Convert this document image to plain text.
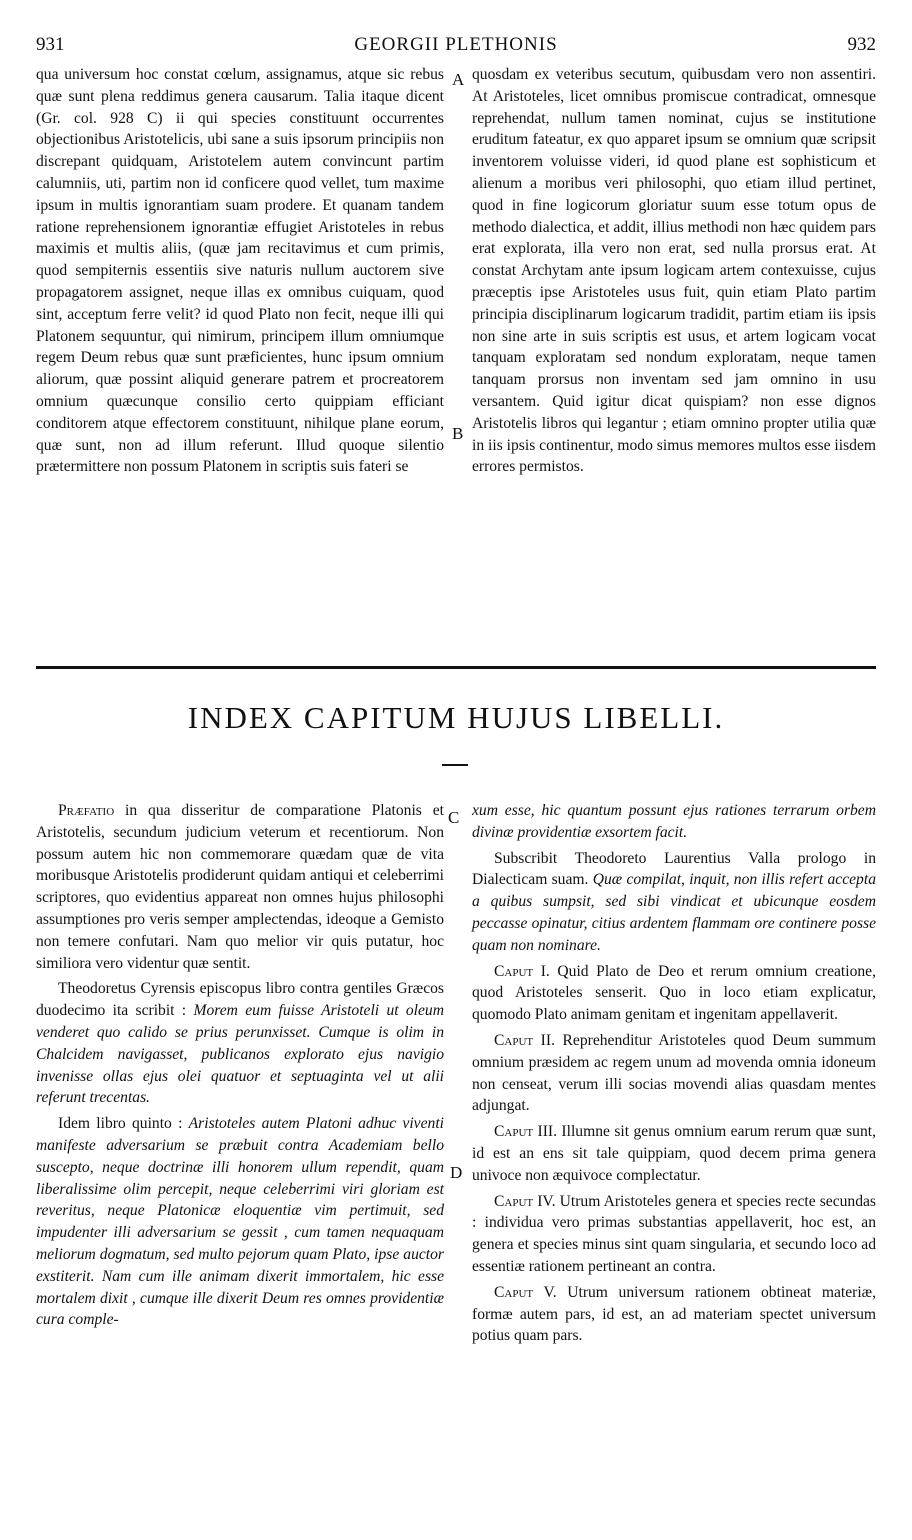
931	GEORGII PLETHONIS	932

qua universum hoc constat cœlum, assignamus, atque sic rebus quæ sunt plena reddimus genera causarum. Talia itaque dicent (Gr. col. 928 C) ii qui species constituunt occurrentes objectionibus Aristotelicis, ubi sane a suis ipsorum principiis non discrepant quidquam, Aristotelem autem convincunt partim calumniis, uti, partim non id conficere quod vellet, tum maxime ipsum in multis ignorantiam suam prodere. Et quanam tandem ratione reprehensionem ignorantiæ effugiet Aristoteles in rebus maximis et multis aliis, (quæ jam recitavimus et cum primis, quod sempiternis essentiis sive naturis nullum auctorem sive propagatorem assignet, neque illas ex omnibus cuiquam, quod sint, acceptum ferre velit? id quod Plato non fecit, neque illi qui Platonem sequuntur, qui nimirum, principem illum omniumque regem Deum rebus quæ sunt præficientes, hunc ipsum omnium aliorum, quæ possint aliquid generare patrem et procreatorem omnium quæcunque consilio certo quippiam efficiant conditorem atque effectorem constituunt, nihilque plane eorum, quæ sunt, non ad illum referunt. Illud quoque silentio prætermittere non possum Platonem in scriptis suis fateri se

quosdam ex veteribus secutum, quibusdam vero non assentiri. At Aristoteles, licet omnibus promiscue contradicat, omnesque reprehendat, nullum tamen nominat, cujus se institutione eruditum fateatur, ex quo apparet ipsum se omnium quæ scripsit inventorem voluisse videri, id quod plane est sophisticum et alienum a moribus veri philosophi, quo etiam illud pertinet, quod in fine logicorum gloriatur suum esse totum opus de methodo dialectica, et addit, illius methodi non hæc quidem pars erat explorata, illa vero non erat, sed nulla prorsus erat. At constat Archytam ante ipsum logicam artem contexuisse, cujus præceptis ipse Aristoteles usus fuit, quin etiam Plato partim principia disciplinarum logicarum tradidit, partim etiam iis ipsis non sine arte in suis scriptis est usus, et artem logicam vocat tanquam exploratam sed nondum exploratam, neque tamen tanquam prorsus non inventam sed jam omnino in usu versantem. Quid igitur dicat quispiam? non esse dignos Aristotelis libros qui legantur ; etiam omnino propter utilia quæ in iis ipsis continentur, modo simus memores multos esse iisdem errores permistos.

A
B
C
D
INDEX CAPITUM HUJUS LIBELLI.

Præfatio in qua disseritur de comparatione Platonis et Aristotelis, secundum judicium veterum et recentiorum. Non possum autem hic non commemorare quædam quæ de vita moribusque Aristotelis prodiderunt quidam antiqui et celeberrimi scriptores, quo evidentius appareat non omnes hujus philosophi assumptiones pro veris semper amplectendas, ideoque a Gemisto non temere confutari. Nam quo melior vir quis putatur, hoc similiora vero videntur quæ sentit.

Theodoretus Cyrensis episcopus libro contra gentiles Græcos duodecimo ita scribit : Morem eum fuisse Aristoteli ut oleum venderet quo calido se prius perunxisset. Cumque is olim in Chalcidem navigasset, publicanos explorato ejus navigio invenisse ollas ejus olei quatuor et septuaginta vel ut alii referunt trecentas.

Idem libro quinto : Aristoteles autem Platoni adhuc viventi manifeste adversarium se præbuit contra Academiam bello suscepto, neque doctrinæ illi honorem ullum rependit, quam liberalissime olim percepit, neque celeberrimi viri gloriam est reveritus, neque Platonicæ eloquentiæ vim pertimuit, sed impudenter illi adversarium se gessit , cum tamen nequaquam meliorum dogmatum, sed multo pejorum quam Plato, ipse auctor exstiterit. Nam cum ille animam dixerit immortalem, hic esse mortalem dixit , cumque ille dixerit Deum res omnes providentiæ cura comple-

xum esse, hic quantum possunt ejus rationes terrarum orbem divinæ providentiæ exsortem facit.

Subscribit Theodoreto Laurentius Valla prologo in Dialecticam suam. Quæ compilat, inquit, non illis refert accepta a quibus sumpsit, sed sibi vindicat et ubicunque eosdem peccasse opinatur, citius ardentem flammam ore continere posse quam non nominare.

Caput I. Quid Plato de Deo et rerum omnium creatione, quod Aristoteles senserit. Quo in loco etiam explicatur, quomodo Plato animam genitam et ingenitam appellaverit.

Caput II. Reprehenditur Aristoteles quod Deum summum omnium præsidem ac regem unum ad movenda omnia idoneum non censeat, verum illi socias movendi alias quasdam mentes adjungat.

Caput III. Illumne sit genus omnium earum rerum quæ sunt, id est an ens sit tale quippiam, quod decem prima genera univoce non æquivoce complectatur.

Caput IV. Utrum Aristoteles genera et species recte secundas : individua vero primas substantias appellaverit, hoc est, an genera et species minus sint quam singularia, et secundo loco ad essentiæ rationem pertineant an contra.

Caput V. Utrum universum rationem obtineat materiæ, formæ autem pars, id est, an ad materiam spectet universum potius quam pars.
